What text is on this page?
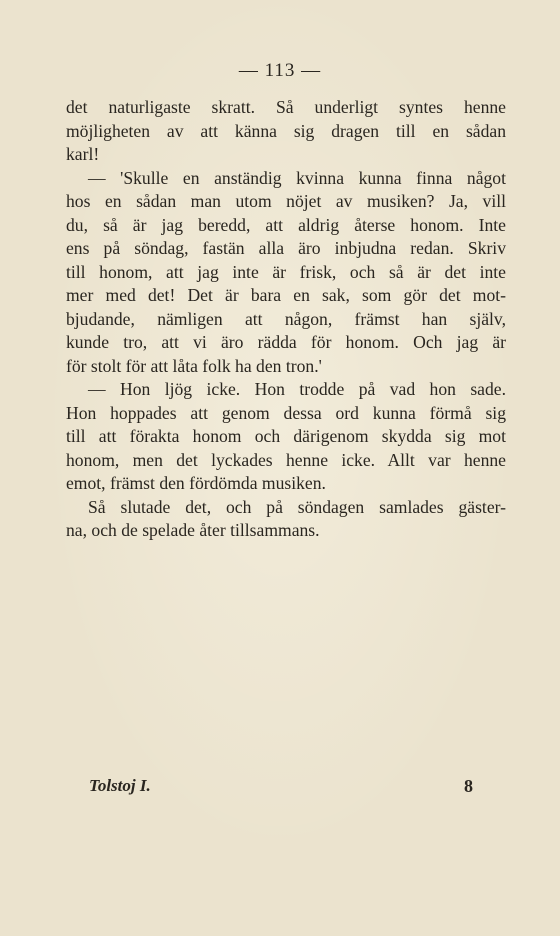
— 113 —
det naturligaste skratt. Så underligt syntes henne
möjligheten av att känna sig dragen till en sådan
karl!
— 'Skulle en anständig kvinna kunna finna något
hos en sådan man utom nöjet av musiken? Ja, vill
du, så är jag beredd, att aldrig återse honom. Inte
ens på söndag, fastän alla äro inbjudna redan. Skriv
till honom, att jag inte är frisk, och så är det inte
mer med det! Det är bara en sak, som gör det mot-
bjudande, nämligen att någon, främst han själv,
kunde tro, att vi äro rädda för honom. Och jag är
för stolt för att låta folk ha den tron.'
— Hon ljög icke. Hon trodde på vad hon sade.
Hon hoppades att genom dessa ord kunna förmå sig
till att förakta honom och därigenom skydda sig mot
honom, men det lyckades henne icke. Allt var henne
emot, främst den fördömda musiken.
Så slutade det, och på söndagen samlades gäster-
na, och de spelade åter tillsammans.
Tolstoj I.	8
